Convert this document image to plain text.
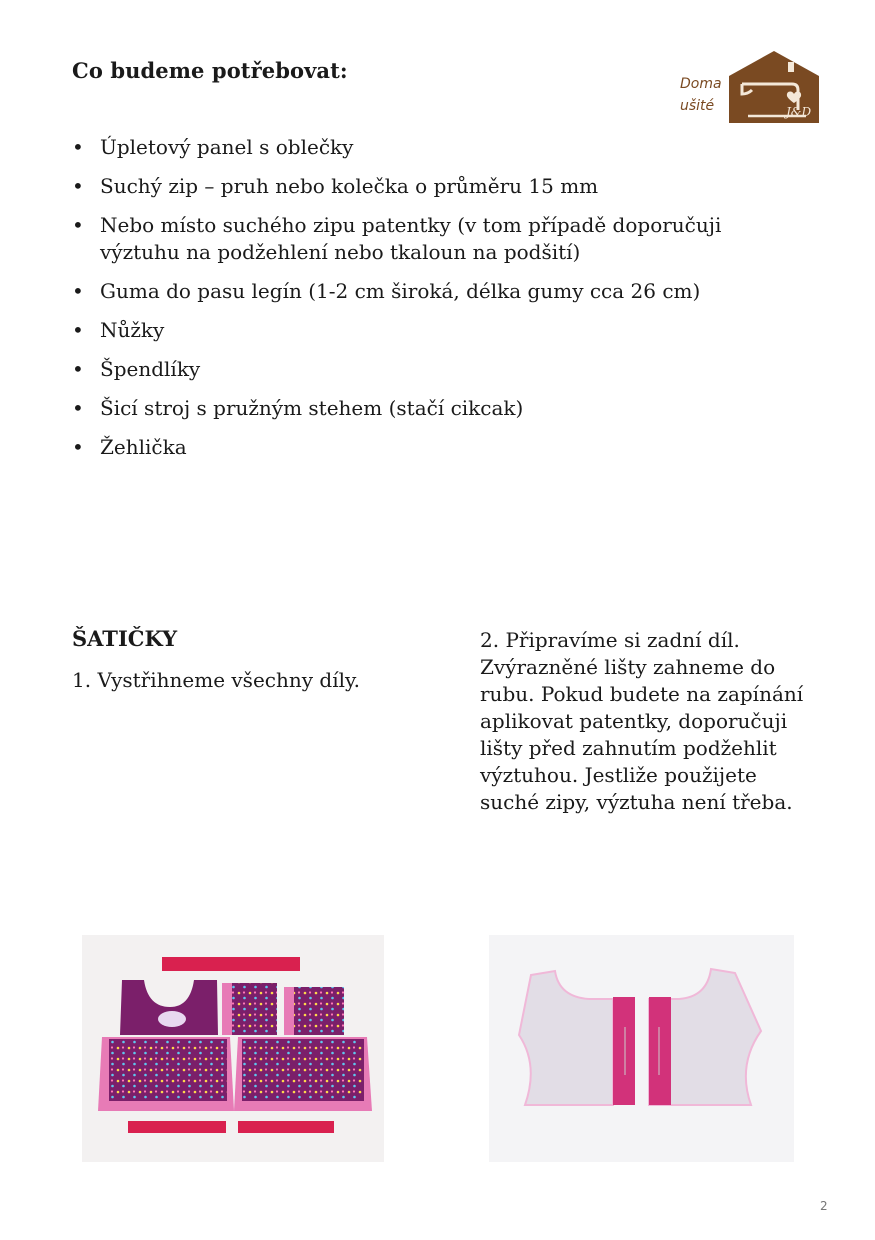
Co budeme potřebovat:
Doma
ušité	J&D
• Úpletový panel s oblečky
• Suchý zip – pruh nebo kolečka o průměru 15 mm
• Nebo místo suchého zipu patentky (v tom případě doporučuji výztuhu na podžehlení nebo tkaloun na podšití)
• Guma do pasu legín (1-2 cm široká, délka gumy cca 26 cm)
• Nůžky
• Špendlíky
• Šicí stroj s pružným stehem (stačí cikcak)
• Žehlička
ŠATIČKY
1. Vystřihneme všechny díly.
2. Připravíme si zadní díl. Zvýrazněné lišty zahneme do rubu. Pokud budete na zapínání aplikovat patentky, doporučuji lišty před zahnutím podžehlit výztuhou. Jestliže použijete suché zipy, výztuha není třeba.
2
